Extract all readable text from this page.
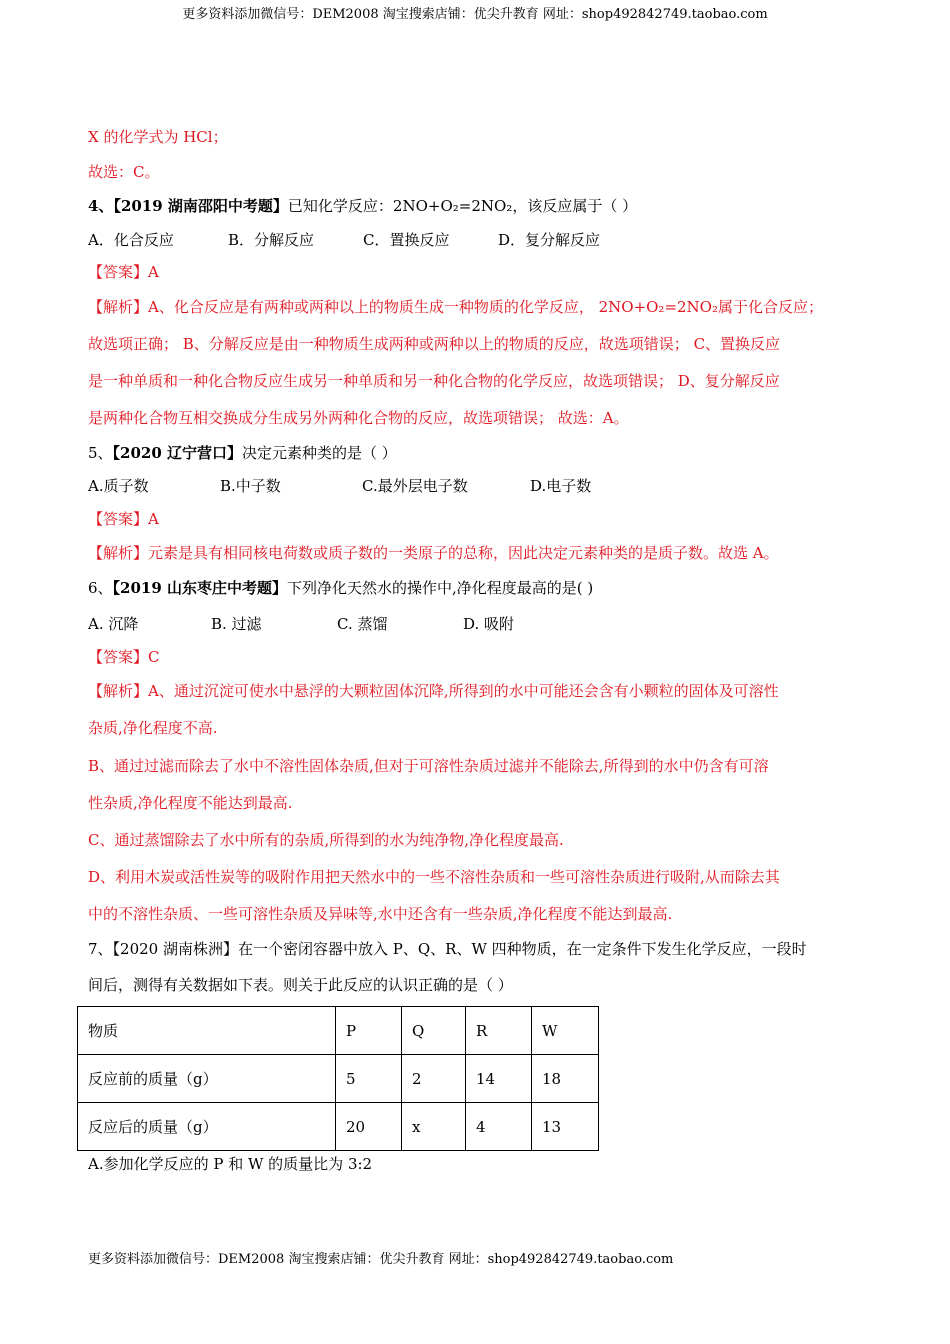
更多资料添加微信号：DEM2008 淘宝搜索店铺：优尖升教育 网址：shop492842749.taobao.com
X 的化学式为 HCl；
故选：C。
4、【2019 湖南邵阳中考题】已知化学反应：2NO+O₂=2NO₂，该反应属于（ ）
A．化合反应	B．分解反应	C．置换反应	D．复分解反应
【答案】A
【解析】A、化合反应是有两种或两种以上的物质生成一种物质的化学反应， 2NO+O₂=2NO₂属于化合反应；
故选项正确； B、分解反应是由一种物质生成两种或两种以上的物质的反应，故选项错误； C、置换反应
是一种单质和一种化合物反应生成另一种单质和另一种化合物的化学反应，故选项错误； D、复分解反应
是两种化合物互相交换成分生成另外两种化合物的反应，故选项错误； 故选：A。
5、【2020 辽宁营口】决定元素种类的是（ ）
A.质子数	B.中子数	C.最外层电子数	D.电子数
【答案】A
【解析】元素是具有相同核电荷数或质子数的一类原子的总称，因此决定元素种类的是质子数。故选 A。
6、【2019 山东枣庄中考题】下列净化天然水的操作中,净化程度最高的是( )
A. 沉降	B. 过滤	C. 蒸馏	D. 吸附
【答案】C
【解析】A、通过沉淀可使水中悬浮的大颗粒固体沉降,所得到的水中可能还会含有小颗粒的固体及可溶性
杂质,净化程度不高.
B、通过过滤而除去了水中不溶性固体杂质,但对于可溶性杂质过滤并不能除去,所得到的水中仍含有可溶
性杂质,净化程度不能达到最高.
C、通过蒸馏除去了水中所有的杂质,所得到的水为纯净物,净化程度最高.
D、利用木炭或活性炭等的吸附作用把天然水中的一些不溶性杂质和一些可溶性杂质进行吸附,从而除去其
中的不溶性杂质、一些可溶性杂质及异味等,水中还含有一些杂质,净化程度不能达到最高.
7、【2020 湖南株洲】在一个密闭容器中放入 P、Q、R、W 四种物质，在一定条件下发生化学反应，一段时
间后，测得有关数据如下表。则关于此反应的认识正确的是（ ）
物质	P	Q	R	W
反应前的质量（g）	5	2	14	18
反应后的质量（g）	20	x	4	13
A.参加化学反应的 P 和 W 的质量比为 3:2
更多资料添加微信号：DEM2008 淘宝搜索店铺：优尖升教育 网址：shop492842749.taobao.com
